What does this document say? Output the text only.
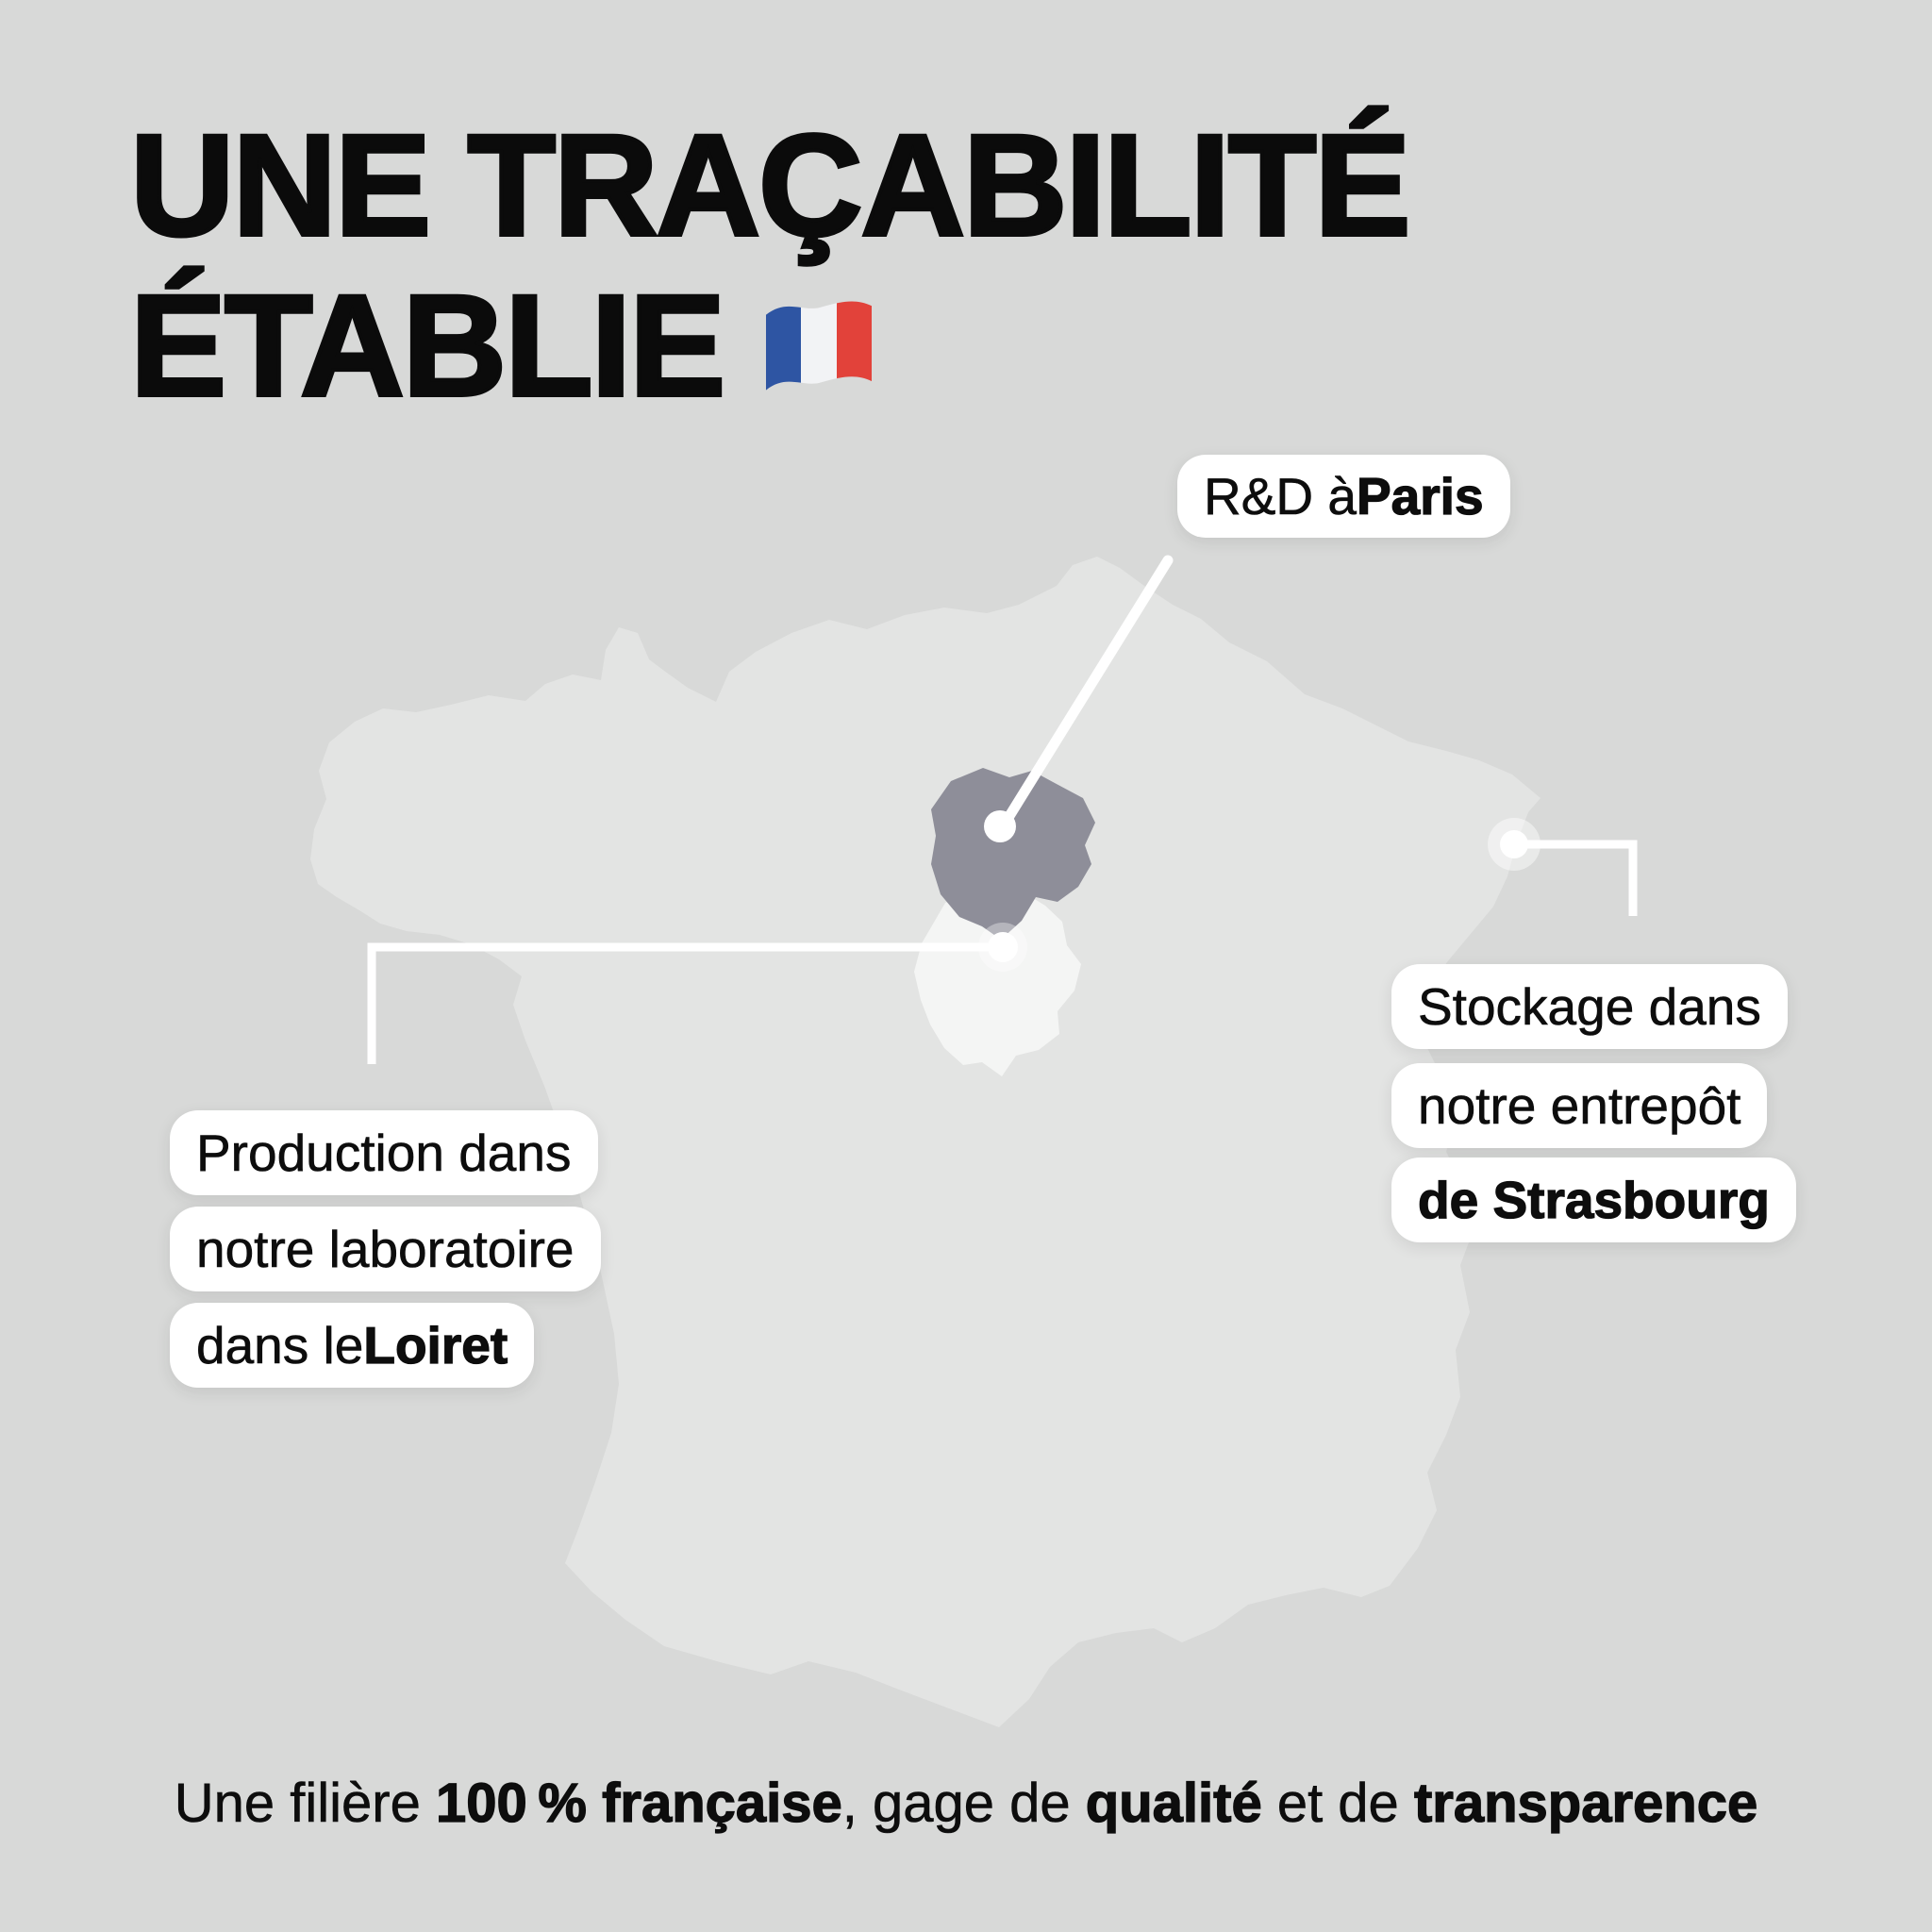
UNE TRAÇABILITÉ
ÉTABLIE
R&D à Paris
Production dans
notre laboratoire
dans le Loiret
Stockage dans
notre entrepôt
de Strasbourg
Une filière 100 % française, gage de qualité et de transparence
